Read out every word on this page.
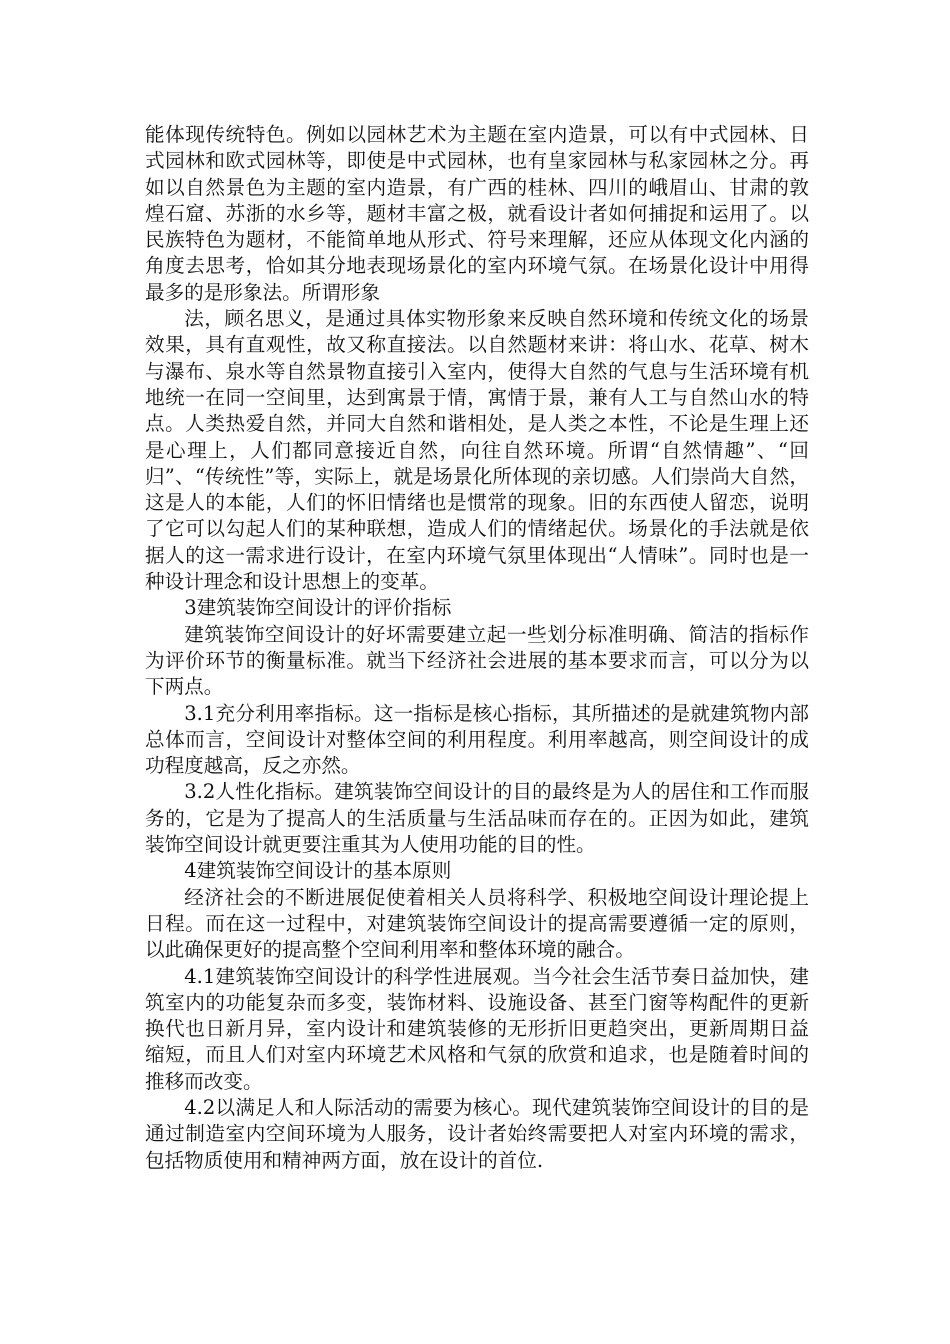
能体现传统特色。例如以园林艺术为主题在室内造景，可以有中式园林、日式园林和欧式园林等，即使是中式园林，也有皇家园林与私家园林之分。再如以自然景色为主题的室内造景，有广西的桂林、四川的峨眉山、甘肃的敦煌石窟、苏浙的水乡等，题材丰富之极，就看设计者如何捕捉和运用了。以民族特色为题材，不能简单地从形式、符号来理解，还应从体现文化内涵的角度去思考，恰如其分地表现场景化的室内环境气氛。在场景化设计中用得最多的是形象法。所谓形象

法，顾名思义，是通过具体实物形象来反映自然环境和传统文化的场景效果，具有直观性，故又称直接法。以自然题材来讲：将山水、花草、树木与瀑布、泉水等自然景物直接引入室内，使得大自然的气息与生活环境有机地统一在同一空间里，达到寓景于情，寓情于景，兼有人工与自然山水的特点。人类热爱自然，并同大自然和谐相处，是人类之本性，不论是生理上还是心理上，人们都同意接近自然，向往自然环境。所谓“自然情趣”、“回归”、“传统性”等，实际上，就是场景化所体现的亲切感。人们崇尚大自然，这是人的本能，人们的怀旧情绪也是惯常的现象。旧的东西使人留恋，说明了它可以勾起人们的某种联想，造成人们的情绪起伏。场景化的手法就是依据人的这一需求进行设计，在室内环境气氛里体现出“人情味”。同时也是一种设计理念和设计思想上的变革。

3建筑装饰空间设计的评价指标

建筑装饰空间设计的好坏需要建立起一些划分标准明确、简洁的指标作为评价环节的衡量标准。就当下经济社会进展的基本要求而言，可以分为以下两点。

3.1充分利用率指标。这一指标是核心指标，其所描述的是就建筑物内部总体而言，空间设计对整体空间的利用程度。利用率越高，则空间设计的成功程度越高，反之亦然。

3.2人性化指标。建筑装饰空间设计的目的最终是为人的居住和工作而服务的，它是为了提高人的生活质量与生活品味而存在的。正因为如此，建筑装饰空间设计就更要注重其为人使用功能的目的性。

4建筑装饰空间设计的基本原则

经济社会的不断进展促使着相关人员将科学、积极地空间设计理论提上日程。而在这一过程中，对建筑装饰空间设计的提高需要遵循一定的原则，以此确保更好的提高整个空间利用率和整体环境的融合。

4.1建筑装饰空间设计的科学性进展观。当今社会生活节奏日益加快，建筑室内的功能复杂而多变，装饰材料、设施设备、甚至门窗等构配件的更新换代也日新月异，室内设计和建筑装修的无形折旧更趋突出，更新周期日益缩短，而且人们对室内环境艺术风格和气氛的欣赏和追求，也是随着时间的推移而改变。

4.2以满足人和人际活动的需要为核心。现代建筑装饰空间设计的目的是通过制造室内空间环境为人服务，设计者始终需要把人对室内环境的需求，包括物质使用和精神两方面，放在设计的首位.
